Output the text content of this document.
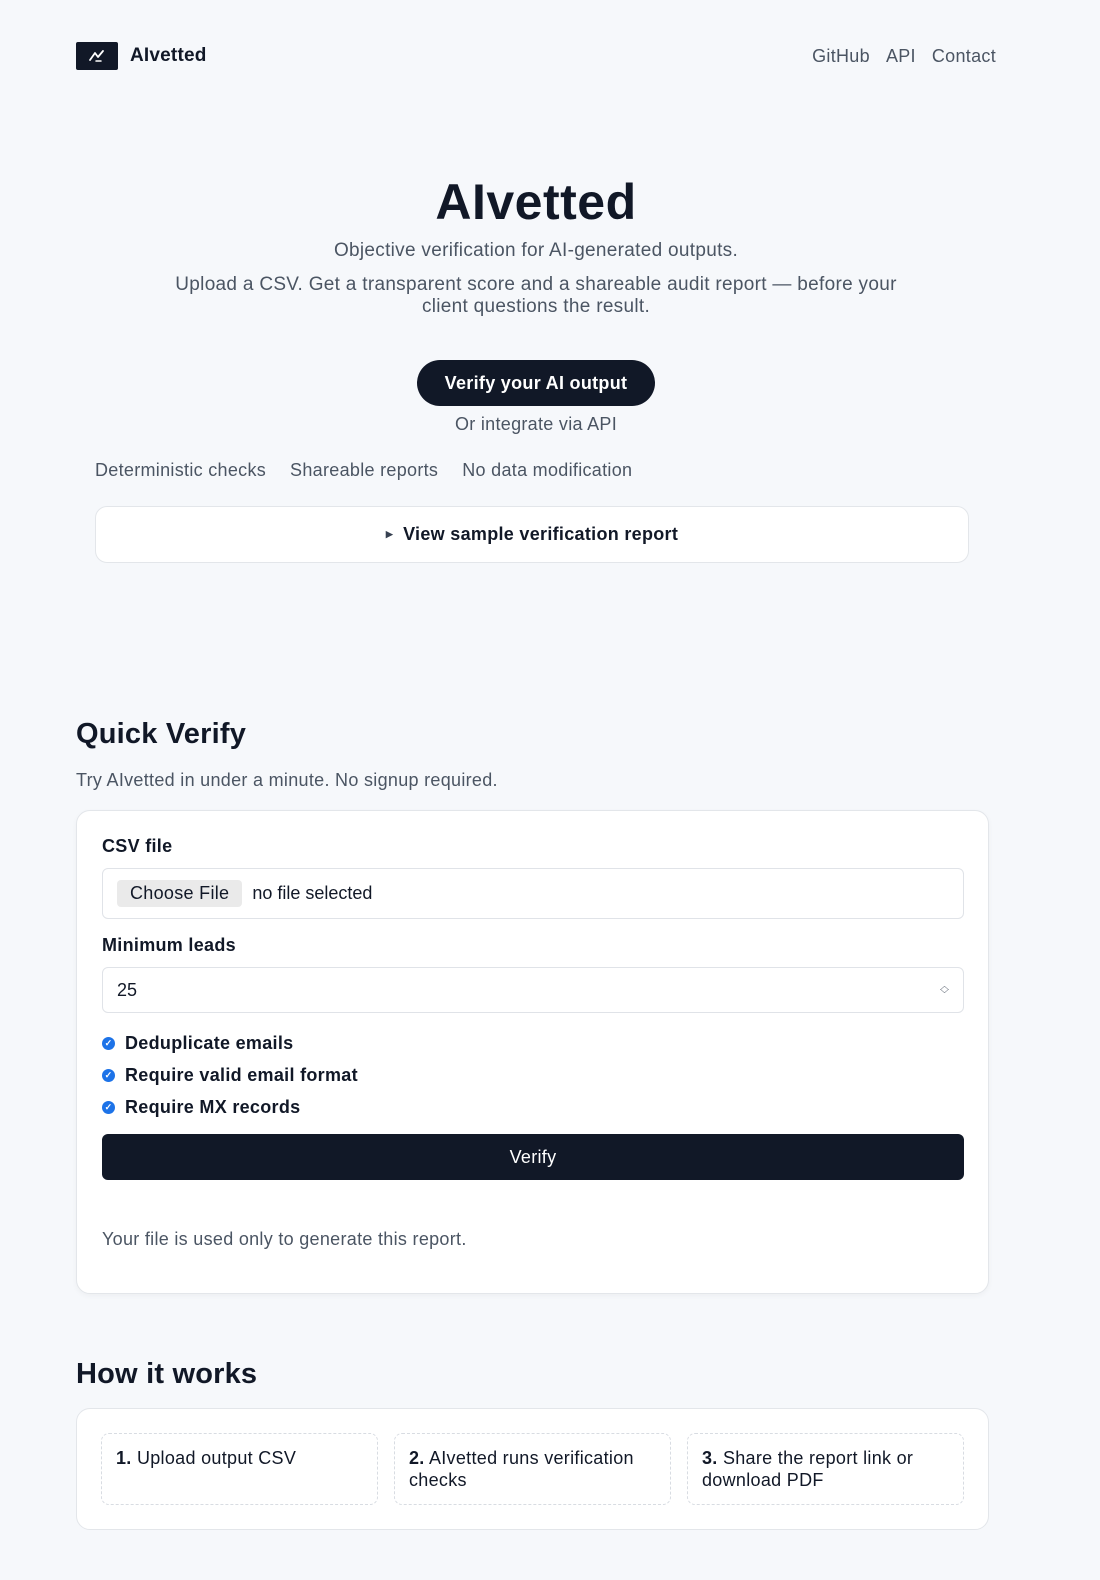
AIvetted	GitHub API Contact
AIvetted

Objective verification for AI-generated outputs.

Upload a CSV. Get a transparent score and a shareable audit report — before your client questions the result.

Verify your AI output

Or integrate via API

Deterministic checks Shareable reports No data modification
▶ View sample verification report
Quick Verify

Try AIvetted in under a minute. No signup required.

CSV file
Choose File	no file selected
Minimum leads
25	︿
﹀
✓ Deduplicate emails
✓ Require valid email format
✓ Require MX records
Verify

Your file is used only to generate this report.

How it works
1. Upload output CSV	2. AIvetted runs verification checks
3. Share the report link or download PDF
